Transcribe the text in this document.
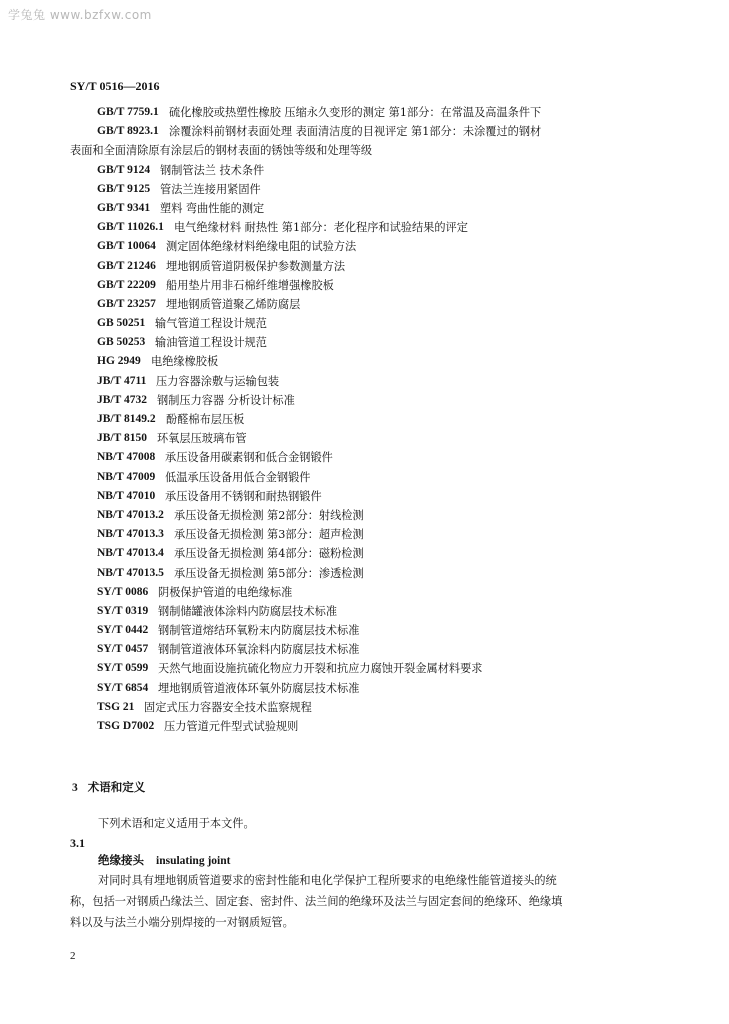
学兔兔 www.bzfxw.com
SY/T 0516—2016
GB/T 7759.1 硫化橡胶或热塑性橡胶 压缩永久变形的测定 第1部分：在常温及高温条件下
GB/T 8923.1 涂覆涂料前钢材表面处理 表面清洁度的目视评定 第1部分：未涂覆过的钢材
表面和全面清除原有涂层后的钢材表面的锈蚀等级和处理等级
GB/T 9124 钢制管法兰 技术条件
GB/T 9125 管法兰连接用紧固件
GB/T 9341 塑料 弯曲性能的测定
GB/T 11026.1 电气绝缘材料 耐热性 第1部分：老化程序和试验结果的评定
GB/T 10064 测定固体绝缘材料绝缘电阻的试验方法
GB/T 21246 埋地钢质管道阴极保护参数测量方法
GB/T 22209 船用垫片用非石棉纤维增强橡胶板
GB/T 23257 埋地钢质管道聚乙烯防腐层
GB 50251 输气管道工程设计规范
GB 50253 输油管道工程设计规范
HG 2949 电绝缘橡胶板
JB/T 4711 压力容器涂敷与运输包装
JB/T 4732 钢制压力容器 分析设计标准
JB/T 8149.2 酚醛棉布层压板
JB/T 8150 环氧层压玻璃布管
NB/T 47008 承压设备用碳素钢和低合金钢锻件
NB/T 47009 低温承压设备用低合金钢锻件
NB/T 47010 承压设备用不锈钢和耐热钢锻件
NB/T 47013.2 承压设备无损检测 第2部分：射线检测
NB/T 47013.3 承压设备无损检测 第3部分：超声检测
NB/T 47013.4 承压设备无损检测 第4部分：磁粉检测
NB/T 47013.5 承压设备无损检测 第5部分：渗透检测
SY/T 0086 阴极保护管道的电绝缘标准
SY/T 0319 钢制储罐液体涂料内防腐层技术标准
SY/T 0442 钢制管道熔结环氧粉末内防腐层技术标准
SY/T 0457 钢制管道液体环氧涂料内防腐层技术标准
SY/T 0599 天然气地面设施抗硫化物应力开裂和抗应力腐蚀开裂金属材料要求
SY/T 6854 埋地钢质管道液体环氧外防腐层技术标准
TSG 21 固定式压力容器安全技术监察规程
TSG D7002 压力管道元件型式试验规则
3 术语和定义
下列术语和定义适用于本文件。
3.1
绝缘接头 insulating joint
对同时具有埋地钢质管道要求的密封性能和电化学保护工程所要求的电绝缘性能管道接头的统
称，包括一对钢质凸缘法兰、固定套、密封件、法兰间的绝缘环及法兰与固定套间的绝缘环、绝缘填
料以及与法兰小端分别焊接的一对钢质短管。
2
